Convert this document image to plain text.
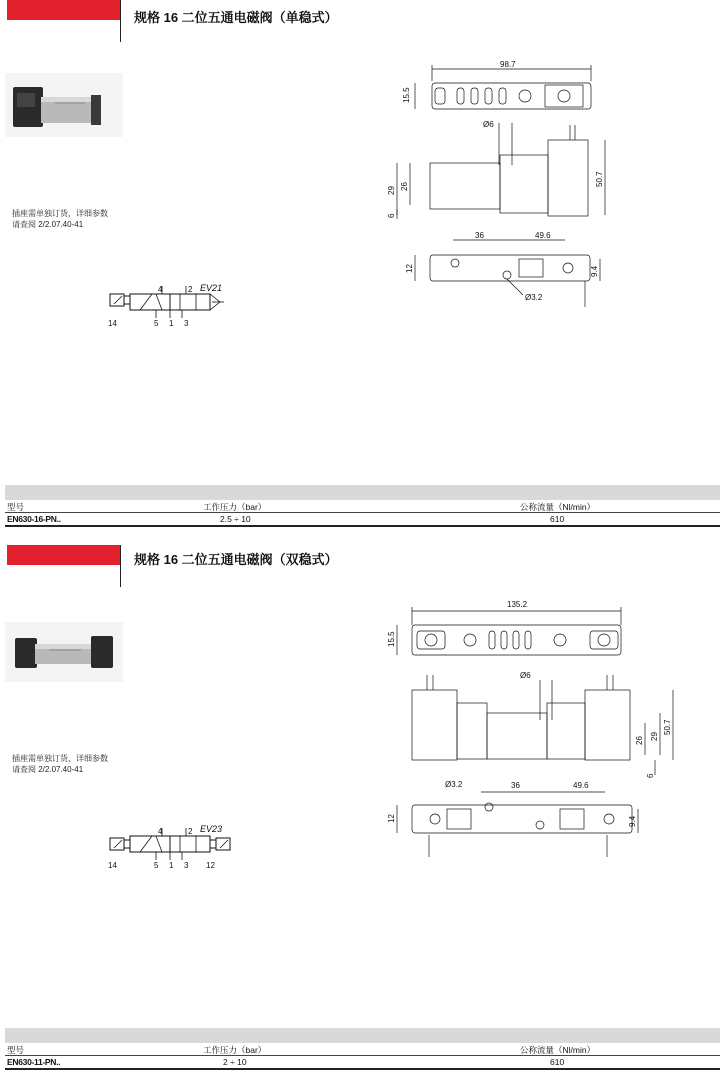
规格 16 二位五通电磁阀（单稳式）
插座需单独订货，详细参数
请查阅 2/2.07.40-41
4	2
14	5 1 3
EV21
98.7
15.5
Ø6
29 26
6
50.7
36	49.6
12	9.4
Ø3.2
型号	工作压力（bar）	公称流量（Nl/min）
EN630-16-PN..	2.5 ÷ 10	610
规格 16 二位五通电磁阀（双稳式）
插座需单独订货，详细参数
请查阅 2/2.07.40-41
4	2
14	5 1 3 12
EV23
135.2
15.5
Ø6
26 29
50.7
6
Ø3.2	36	49.6
12	9.4
型号	工作压力（bar）	公称流量（Nl/min）
EN630-11-PN..	2 ÷ 10	610
